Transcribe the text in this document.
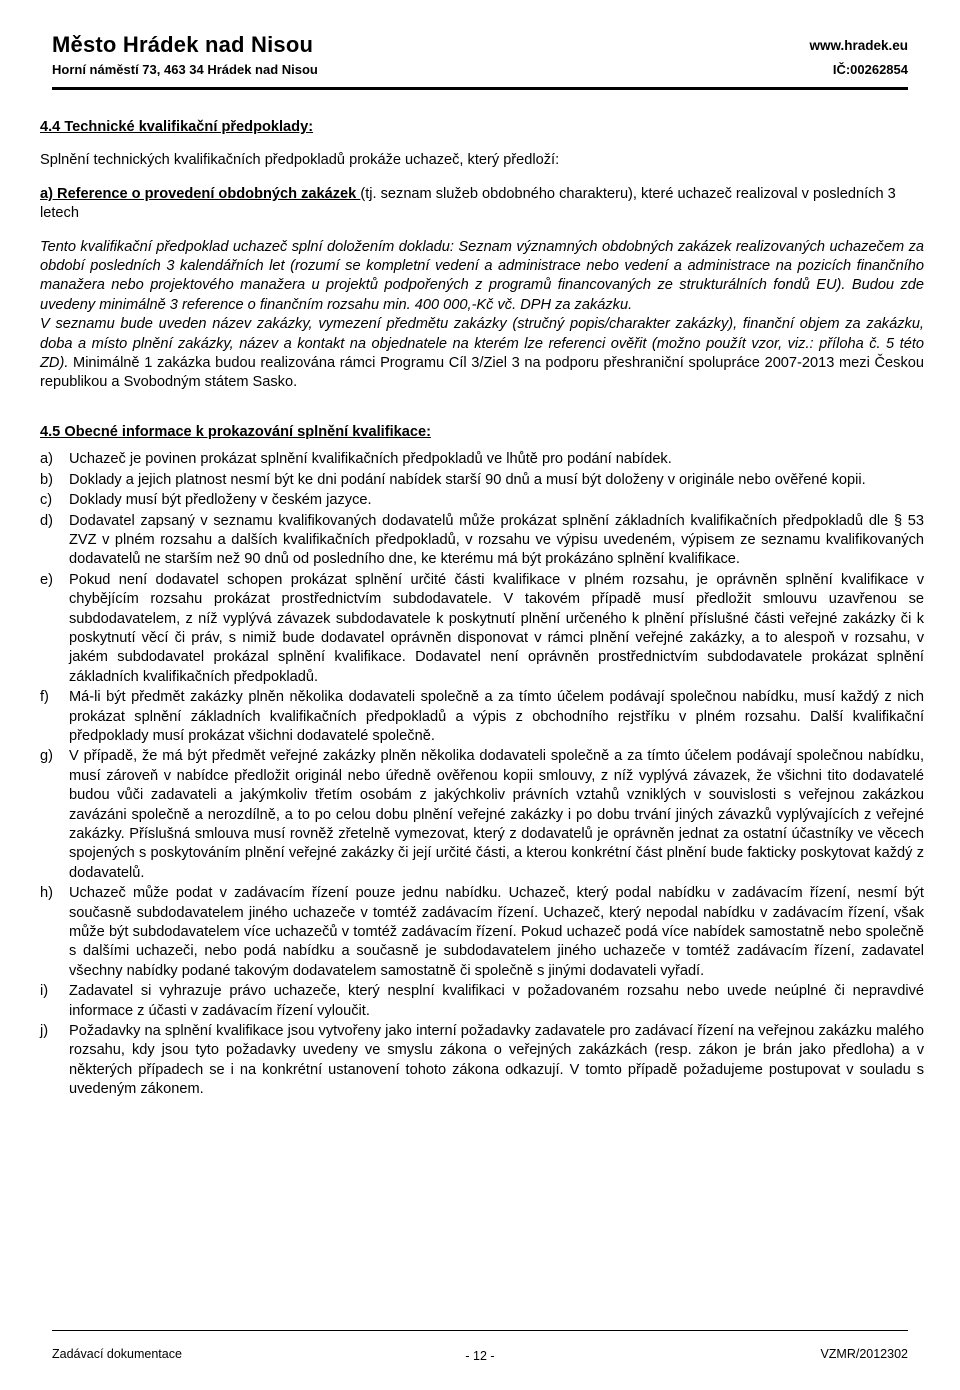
Město Hrádek nad Nisou
Horní náměstí 73, 463 34 Hrádek nad Nisou
www.hradek.eu
IČ:00262854

4.4 Technické kvalifikační předpoklady:

Splnění technických kvalifikačních předpokladů prokáže uchazeč, který předloží:

a) Reference o provedení obdobných zakázek (tj. seznam služeb obdobného charakteru), které uchazeč realizoval v posledních 3 letech

Tento kvalifikační předpoklad uchazeč splní doložením dokladu: Seznam významných obdobných zakázek realizovaných uchazečem za období posledních 3 kalendářních let (rozumí se kompletní vedení a administrace nebo vedení a administrace na pozicích finančního manažera nebo projektového manažera u projektů podpořených z programů financovaných ze strukturálních fondů EU). Budou zde uvedeny minimálně 3 reference o finančním rozsahu min. 400 000,-Kč vč. DPH za zakázku.

V seznamu bude uveden název zakázky, vymezení předmětu zakázky (stručný popis/charakter zakázky), finanční objem za zakázku, doba a místo plnění zakázky, název a kontakt na objednatele na kterém lze referenci ověřit (možno použít vzor, viz.: příloha č. 5 této ZD). Minimálně 1 zakázka budou realizována rámci Programu Cíl 3/Ziel 3 na podporu přeshraniční spolupráce 2007-2013 mezi Českou republikou a Svobodným státem Sasko.

4.5 Obecné informace k prokazování splnění kvalifikace:

a) Uchazeč je povinen prokázat splnění kvalifikačních předpokladů ve lhůtě pro podání nabídek.
b) Doklady a jejich platnost nesmí být ke dni podání nabídek starší 90 dnů a musí být doloženy v originále nebo ověřené kopii.
c) Doklady musí být předloženy v českém jazyce.
d) Dodavatel zapsaný v seznamu kvalifikovaných dodavatelů může prokázat splnění základních kvalifikačních předpokladů dle § 53 ZVZ v plném rozsahu a dalších kvalifikačních předpokladů, v rozsahu ve výpisu uvedeném, výpisem ze seznamu kvalifikovaných dodavatelů ne starším než 90 dnů od posledního dne, ke kterému má být prokázáno splnění kvalifikace.
e) Pokud není dodavatel schopen prokázat splnění určité části kvalifikace v plném rozsahu, je oprávněn splnění kvalifikace v chybějícím rozsahu prokázat prostřednictvím subdodavatele. V takovém případě musí předložit smlouvu uzavřenou se subdodavatelem, z níž vyplývá závazek subdodavatele k poskytnutí plnění určeného k plnění příslušné části veřejné zakázky či k poskytnutí věcí či práv, s nimiž bude dodavatel oprávněn disponovat v rámci plnění veřejné zakázky, a to alespoň v rozsahu, v jakém subdodavatel prokázal splnění kvalifikace. Dodavatel není oprávněn prostřednictvím subdodavatele prokázat splnění základních kvalifikačních předpokladů.
f) Má-li být předmět zakázky plněn několika dodavateli společně a za tímto účelem podávají společnou nabídku, musí každý z nich prokázat splnění základních kvalifikačních předpokladů a výpis z obchodního rejstříku v plném rozsahu. Další kvalifikační předpoklady musí prokázat všichni dodavatelé společně.
g) V případě, že má být předmět veřejné zakázky plněn několika dodavateli společně a za tímto účelem podávají společnou nabídku, musí zároveň v nabídce předložit originál nebo úředně ověřenou kopii smlouvy, z níž vyplývá závazek, že všichni tito dodavatelé budou vůči zadavateli a jakýmkoliv třetím osobám z jakýchkoliv právních vztahů vzniklých v souvislosti s veřejnou zakázkou zavázáni společně a nerozdílně, a to po celou dobu plnění veřejné zakázky i po dobu trvání jiných závazků vyplývajících z veřejné zakázky. Příslušná smlouva musí rovněž zřetelně vymezovat, který z dodavatelů je oprávněn jednat za ostatní účastníky ve věcech spojených s poskytováním plnění veřejné zakázky či její určité části, a kterou konkrétní část plnění bude fakticky poskytovat každý z dodavatelů.
h) Uchazeč může podat v zadávacím řízení pouze jednu nabídku. Uchazeč, který podal nabídku v zadávacím řízení, nesmí být současně subdodavatelem jiného uchazeče v tomtéž zadávacím řízení. Uchazeč, který nepodal nabídku v zadávacím řízení, však může být subdodavatelem více uchazečů v tomtéž zadávacím řízení. Pokud uchazeč podá více nabídek samostatně nebo společně s dalšími uchazeči, nebo podá nabídku a současně je subdodavatelem jiného uchazeče v tomtéž zadávacím řízení, zadavatel všechny nabídky podané takovým dodavatelem samostatně či společně s jinými dodavateli vyřadí.
i) Zadavatel si vyhrazuje právo uchazeče, který nesplní kvalifikaci v požadovaném rozsahu nebo uvede neúplné či nepravdivé informace z účasti v zadávacím řízení vyloučit.
j) Požadavky na splnění kvalifikace jsou vytvořeny jako interní požadavky zadavatele pro zadávací řízení na veřejnou zakázku malého rozsahu, kdy jsou tyto požadavky uvedeny ve smyslu zákona o veřejných zakázkách (resp. zákon je brán jako předloha) a v některých případech se i na konkrétní ustanovení tohoto zákona odkazují. V tomto případě požadujeme postupovat v souladu s uvedeným zákonem.
Zadávací dokumentace	- 12 -	VZMR/2012302
